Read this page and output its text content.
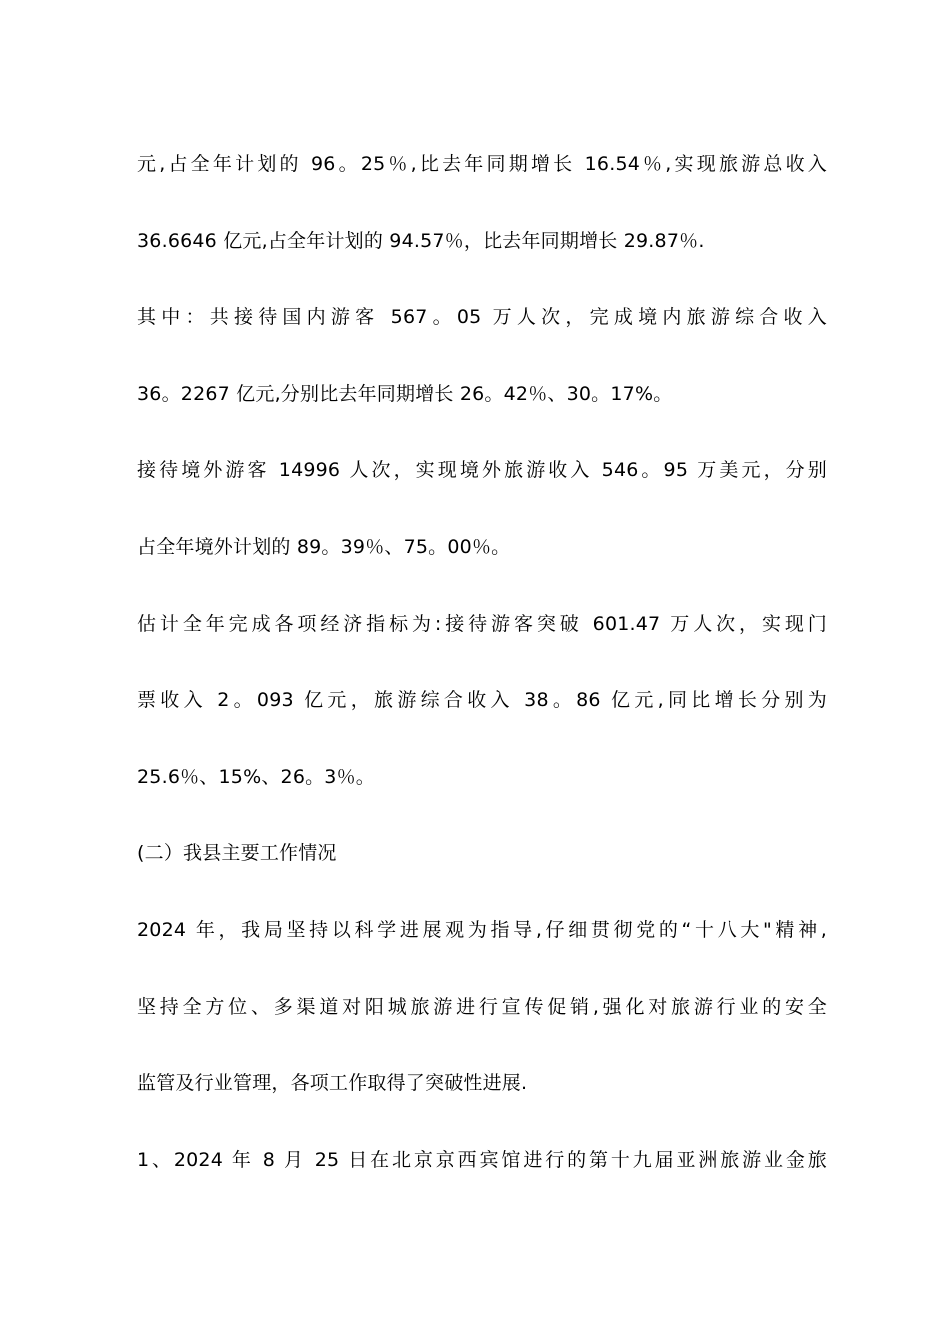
元,占全年计划的 96。25％,比去年同期增长 16.54％,实现旅游总收入
36.6646 亿元,占全年计划的 94.57％，比去年同期增长 29.87％.
其中：共接待国内游客 567。05 万人次，完成境内旅游综合收入
36。2267 亿元,分别比去年同期增长 26。42％、30。17%。
接待境外游客 14996 人次，实现境外旅游收入 546。95 万美元，分别
占全年境外计划的 89。39％、75。00％。
估计全年完成各项经济指标为:接待游客突破 601.47 万人次，实现门
票收入 2。093 亿元，旅游综合收入 38。86 亿元,同比增长分别为
25.6％、15%、26。3％。
(二）我县主要工作情况
2024 年，我局坚持以科学进展观为指导,仔细贯彻党的“十八大"精神,
坚持全方位、多渠道对阳城旅游进行宣传促销,强化对旅游行业的安全
监管及行业管理，各项工作取得了突破性进展.
1、2024 年 8 月 25 日在北京京西宾馆进行的第十九届亚洲旅游业金旅
